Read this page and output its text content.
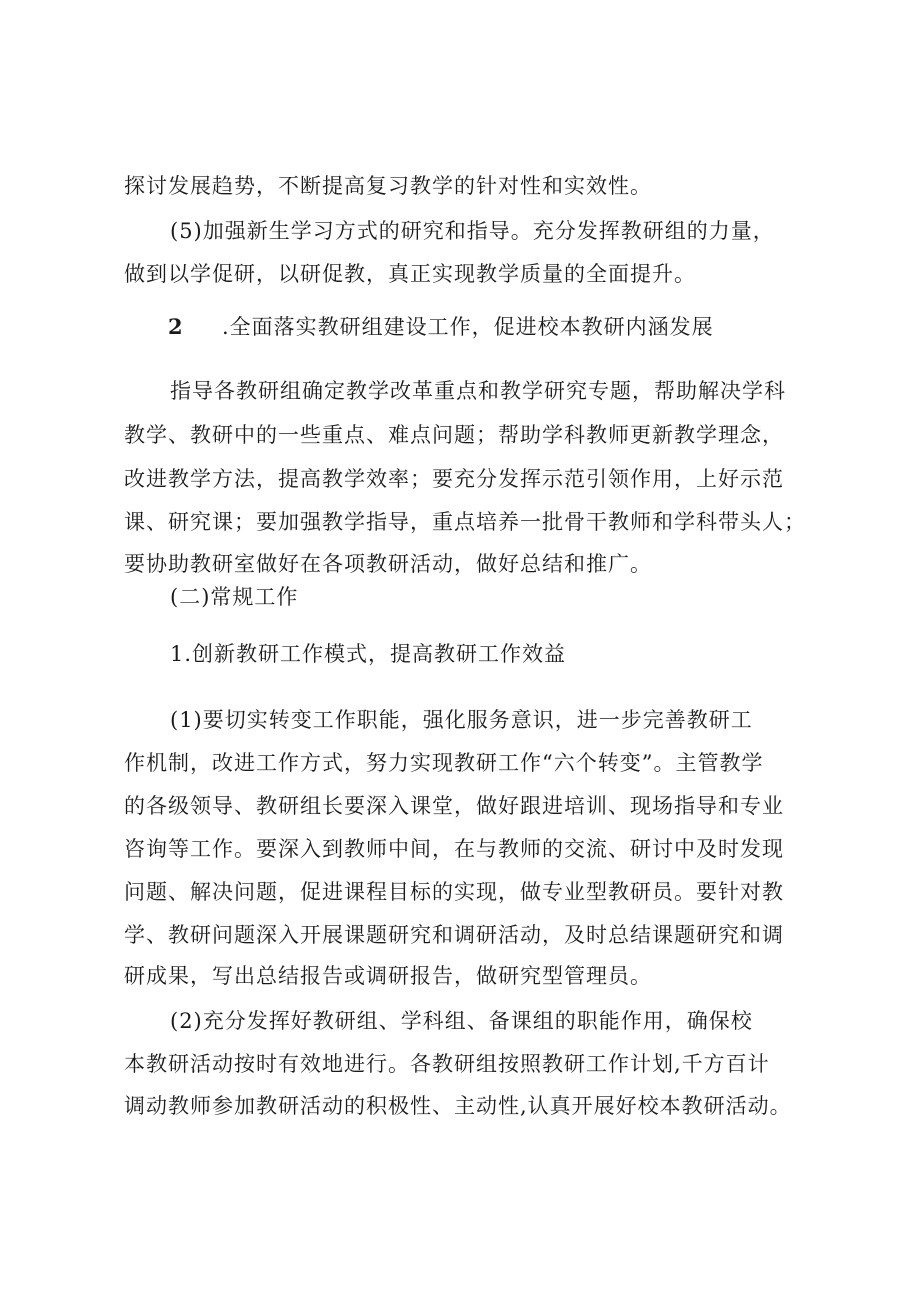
探讨发展趋势，不断提高复习教学的针对性和实效性。
(5)加强新生学习方式的研究和指导。充分发挥教研组的力量，
做到以学促研，以研促教，真正实现教学质量的全面提升。
2 .全面落实教研组建设工作，促进校本教研内涵发展
指导各教研组确定教学改革重点和教学研究专题，帮助解决学科
教学、教研中的一些重点、难点问题；帮助学科教师更新教学理念，
改进教学方法，提高教学效率；要充分发挥示范引领作用，上好示范
课、研究课；要加强教学指导，重点培养一批骨干教师和学科带头人；
要协助教研室做好在各项教研活动，做好总结和推广。
(二)常规工作
1.创新教研工作模式，提高教研工作效益
(1)要切实转变工作职能，强化服务意识，进一步完善教研工
作机制，改进工作方式，努力实现教研工作“六个转变”。主管教学
的各级领导、教研组长要深入课堂，做好跟进培训、现场指导和专业
咨询等工作。要深入到教师中间，在与教师的交流、研讨中及时发现
问题、解决问题，促进课程目标的实现，做专业型教研员。要针对教
学、教研问题深入开展课题研究和调研活动，及时总结课题研究和调
研成果，写出总结报告或调研报告，做研究型管理员。
(2)充分发挥好教研组、学科组、备课组的职能作用，确保校
本教研活动按时有效地进行。各教研组按照教研工作计划,千方百计
调动教师参加教研活动的积极性、主动性,认真开展好校本教研活动。
